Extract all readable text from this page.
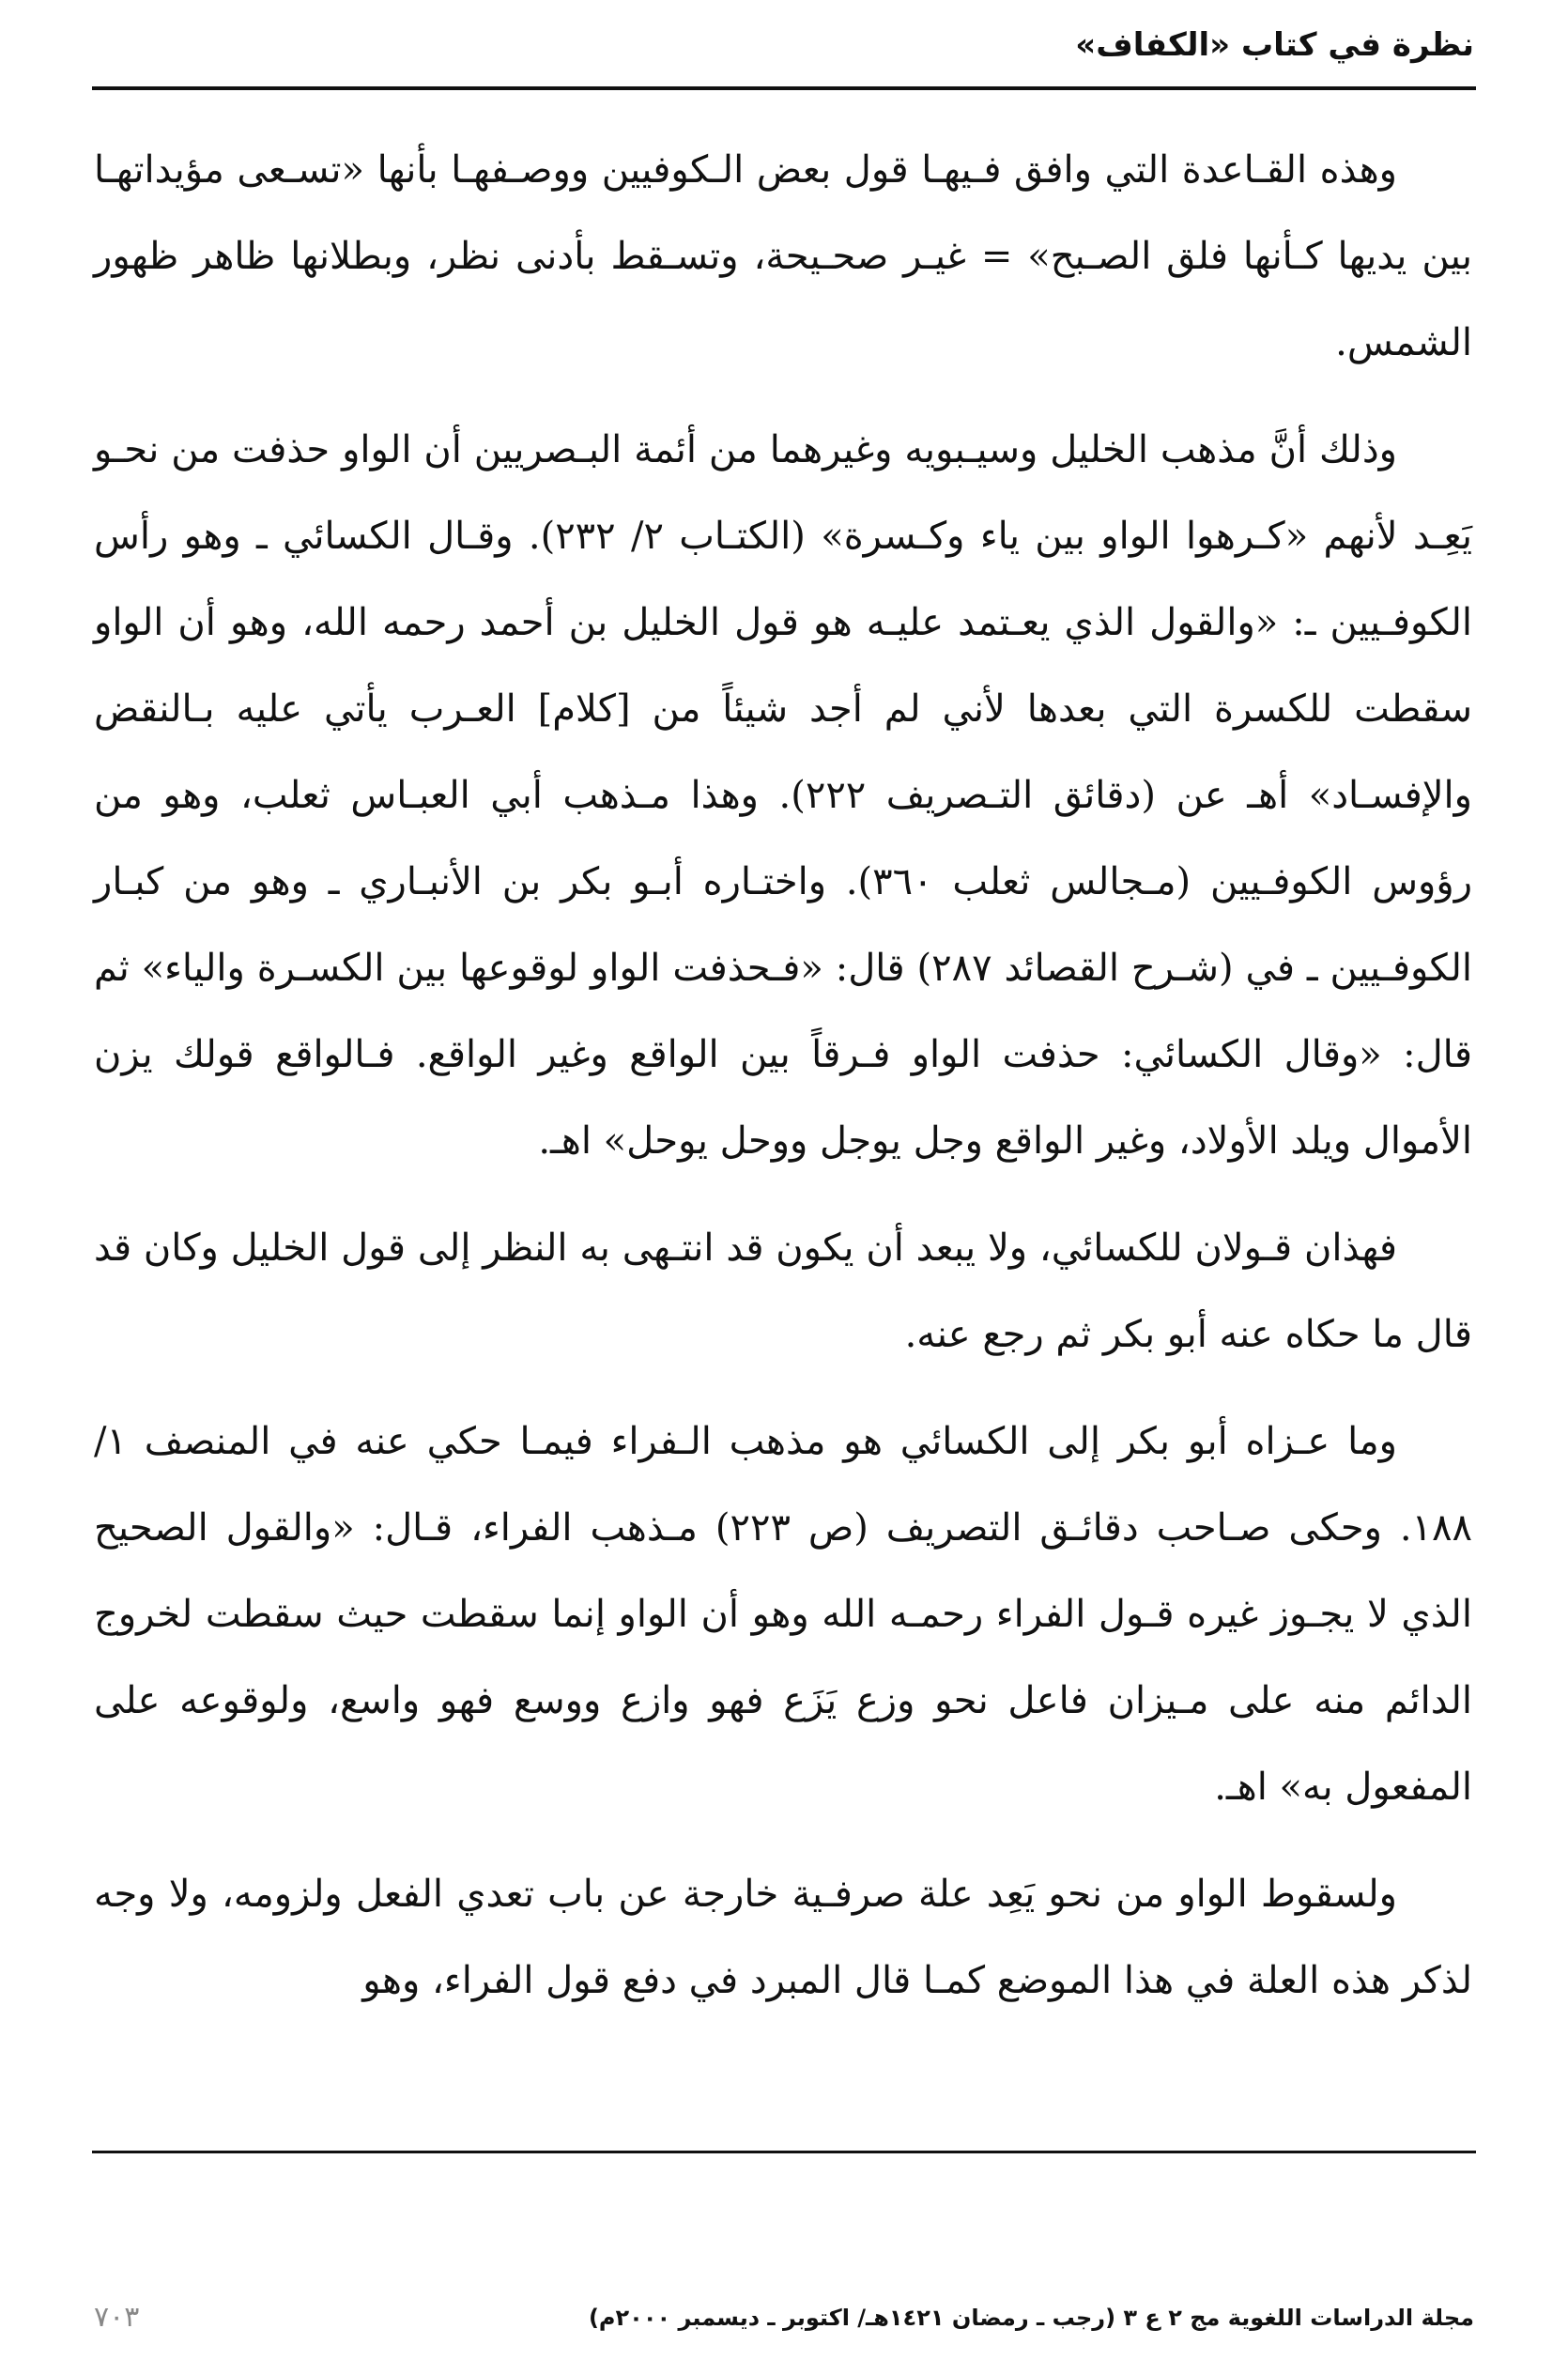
نظرة في كتاب «الكفاف»

وهذه القـاعدة التي وافق فـيهـا قول بعض الـكوفيين ووصـفهـا بأنها «تسـعى مؤيداتهـا بين يديها كـأنها فلق الصـبح» = غيـر صحـيحة، وتسـقط بأدنى نظر، وبطلانها ظاهر ظهور الشمس.

وذلك أنَّ مذهب الخليل وسيـبويه وغيرهما من أئمة البـصريين أن الواو حذفت من نحـو يَعِـد لأنهم «كـرهوا الواو بين ياء وكـسرة» (الكتـاب ٢/ ٢٣٢). وقـال الكسائي ـ وهو رأس الكوفـيين ـ: «والقول الذي يعـتمد عليـه هو قول الخليل بن أحمد رحمه الله، وهو أن الواو سقطت للكسرة التي بعدها لأني لم أجد شيئاً من [كلام] العـرب يأتي عليه بـالنقض والإفسـاد» أهـ عن (دقائق التـصريف ٢٢٢). وهذا مـذهب أبي العبـاس ثعلب، وهو من رؤوس الكوفـيين (مـجالس ثعلب ٣٦٠). واختـاره أبـو بكر بن الأنبـاري ـ وهو من كبـار الكوفـيين ـ في (شـرح القصائد ٢٨٧) قال: «فـحذفت الواو لوقوعها بين الكسـرة والياء» ثم قال: «وقال الكسائي: حذفت الواو فـرقاً بين الواقع وغير الواقع. فـالواقع قولك يزن الأموال ويلد الأولاد، وغير الواقع وجل يوجل ووحل يوحل» اهـ.

فهذان قـولان للكسائي، ولا يبعد أن يكون قد انتـهى به النظر إلى قول الخليل وكان قد قال ما حكاه عنه أبو بكر ثم رجع عنه.

وما عـزاه أبو بكر إلى الكسائي هو مذهب الـفراء فيمـا حكي عنه في المنصف ١/ ١٨٨. وحكى صـاحب دقائـق التصريف (ص ٢٢٣) مـذهب الفراء، قـال: «والقول الصحيح الذي لا يجـوز غيره قـول الفراء رحمـه الله وهو أن الواو إنما سقطت حيث سقطت لخروج الدائم منه على مـيزان فاعل نحو وزع يَزَع فهو وازع ووسع فهو واسع، ولوقوعه على المفعول به» اهـ.

ولسقوط الواو من نحو يَعِد علة صرفـية خارجة عن باب تعدي الفعل ولزومه، ولا وجه لذكر هذه العلة في هذا الموضع كمـا قال المبرد في دفع قول الفراء، وهو

مجلة الدراسات اللغوية مج ٢ ع ٣ (رجب ـ رمضان ١٤٢١هـ/ اكتوبر ـ ديسمبر ٢٠٠٠م)
٧٠٣
